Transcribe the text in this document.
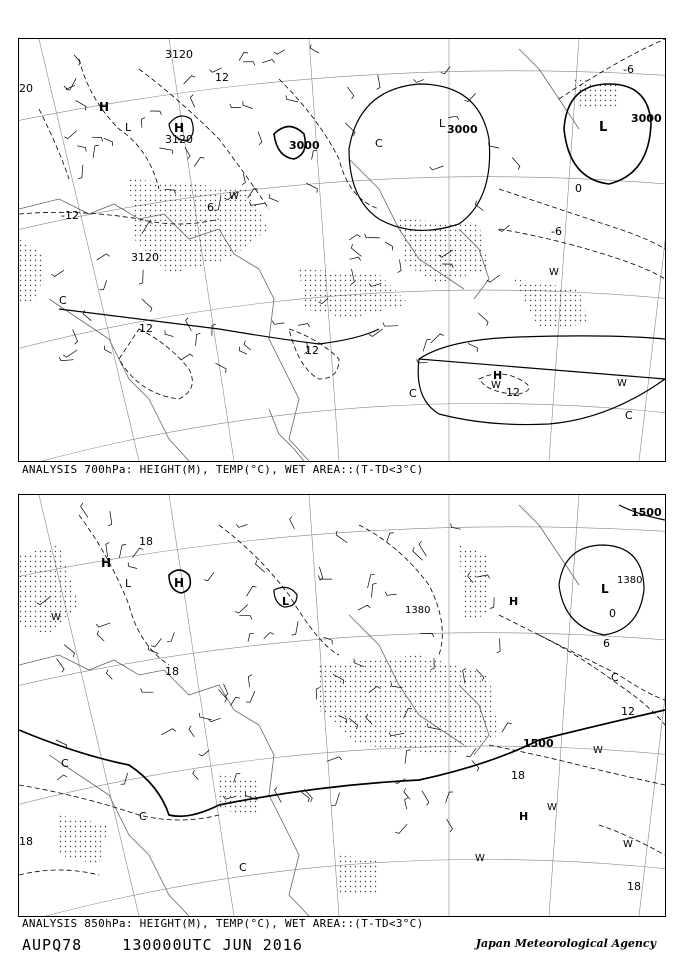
H
H
H
L	L
L
C
C
C
C
W
W
W
W
3120
3120	3000
3000
3000
3120
12
-12
12
12
-6
0
-6
12
6
20
ANALYSIS 700hPa: HEIGHT(M), TEMP(°C), WET AREA::(T-TD<3°C)
H
H
H
H
L
L
L
C
C
C
C
W
W
W
W
W
1500
1500
1380
1380
18
18
12
18
18
6
18
0
ANALYSIS 850hPa: HEIGHT(M), TEMP(°C), WET AREA::(T-TD<3°C)
AUPQ78    130000UTC JUN 2016	Japan Meteorological Agency
